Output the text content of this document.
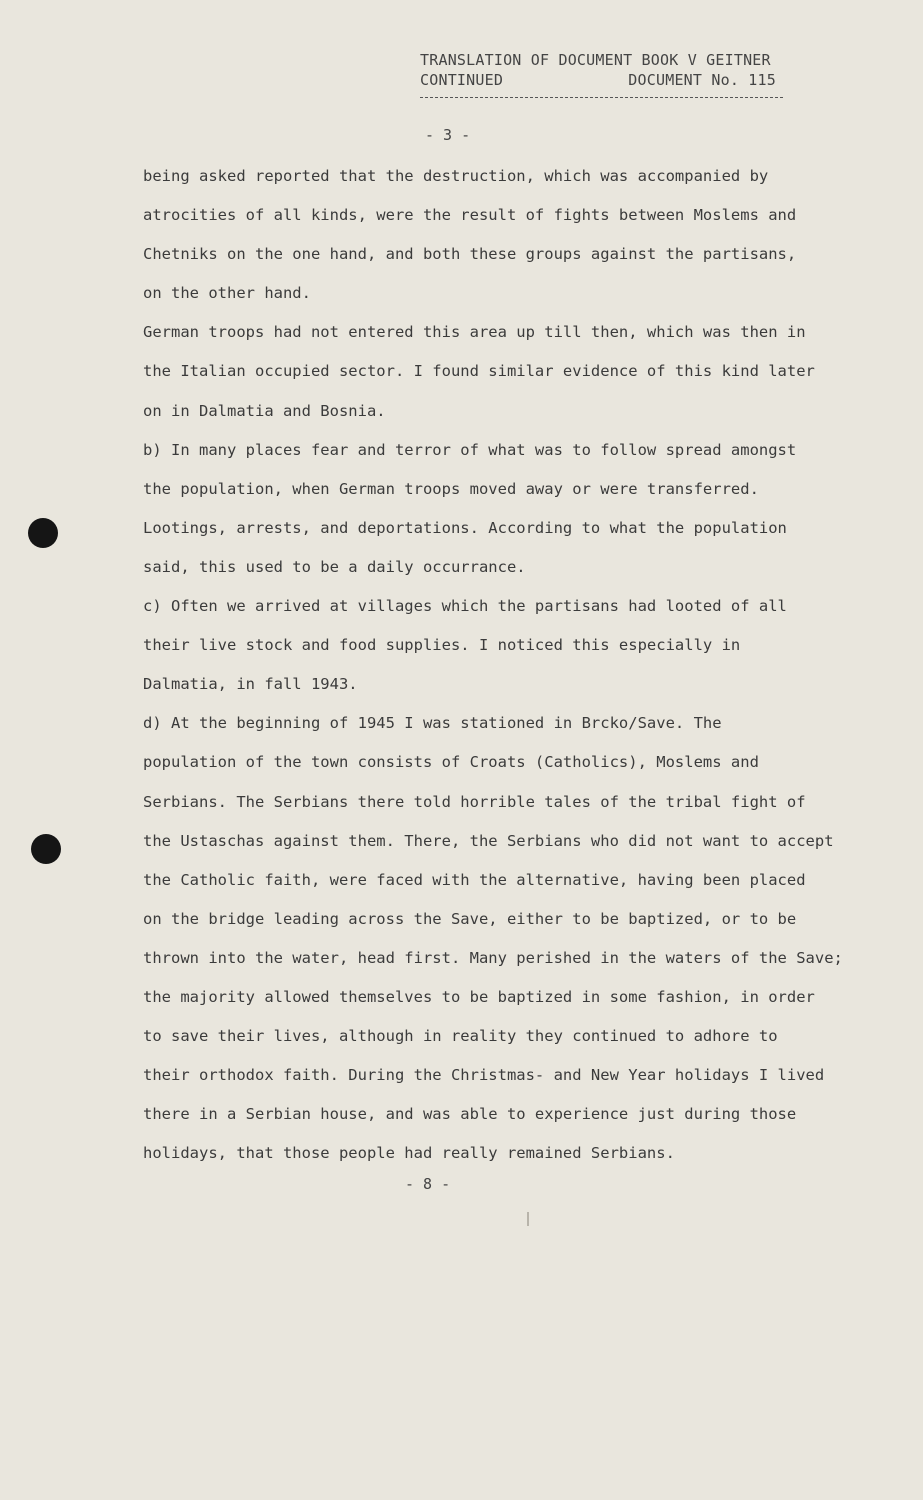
TRANSLATION OF DOCUMENT BOOK V GEITNER
CONTINUED	DOCUMENT No. 115
- 3 -
being asked reported that the destruction, which was accompanied by
atrocities of all kinds, were the result of fights between Moslems and
Chetniks on the one hand, and both these groups against the partisans,
on the other hand.
German troops had not entered this area up till then, which was then in
the Italian occupied sector. I found similar evidence of this kind later
on in Dalmatia and Bosnia.
b) In many places fear and terror of what was to follow spread amongst
the population, when German troops moved away or were transferred.
Lootings, arrests, and deportations. According to what the population
said, this used to be a daily occurrance.
c) Often we arrived at villages which the partisans had looted of all
their live stock and food supplies. I noticed this especially in
Dalmatia, in fall 1943.
d) At the beginning of 1945 I was stationed in Brcko/Save. The
population of the town consists of Croats (Catholics), Moslems and
Serbians. The Serbians there told horrible tales of the tribal fight of
the Ustaschas against them. There, the Serbians who did not want to accept
the Catholic faith, were faced with the alternative, having been placed
on the bridge leading across the Save, either to be baptized, or to be
thrown into the water, head first. Many perished in the waters of the Save;
the majority allowed themselves to be baptized in some fashion, in order
to save their lives, although in reality they continued to adhore to
their orthodox faith. During the Christmas- and New Year holidays I lived
there in a Serbian house, and was able to experience just during those
holidays, that those people had really remained Serbians.
- 8 -
